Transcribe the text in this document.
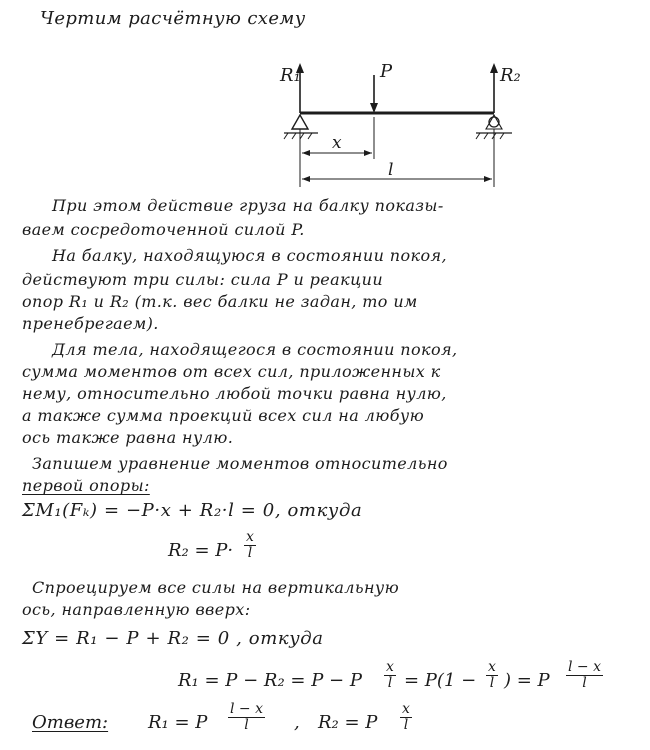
Чертим расчётную схему
R₁	P	R₂
x
l
При этом действие груза на балку показы-
ваем сосредоточенной силой P.
На балку, находящуюся в состоянии покоя,
действуют три силы: сила P и реакции
опор R₁ и R₂ (т.к. вес балки не задан, то им
пренебрегаем).
Для тела, находящегося в состоянии покоя,
сумма моментов от всех сил, приложенных к
нему, относительно любой точки равна нулю,
а также сумма проекций всех сил на любую
ось также равна нулю.
Запишем уравнение моментов относительно
первой опоры:
ΣM₁(Fₖ) = −P·x + R₂·l = 0, откуда
$R_2 = P\cdot \frac{x}{l}$
Спроецируем все силы на вертикальную
ось, направленную вверх:
ΣY = R₁ − P + R₂ = 0 , откуда
R₁ = P − R₂ = P − P $\frac{x}{l} = P(1 - \frac{x}{l}$ ) = P $\frac{l - x}{l}$
Ответ: R₁ = P $\frac{l - x}{l}$ , R₂ = P $\frac{x}{l}$
